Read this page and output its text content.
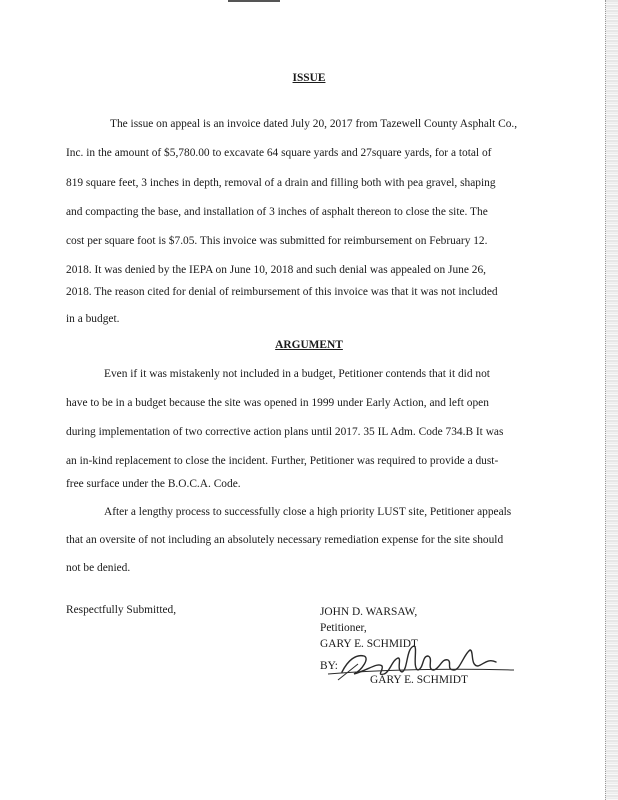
ISSUE
The issue on appeal is an invoice dated July 20, 2017 from Tazewell County Asphalt Co.,
Inc. in the amount of $5,780.00 to excavate 64 square yards and 27square yards, for a total of
819 square feet, 3 inches in depth, removal of a drain and filling both with pea gravel, shaping
and compacting the base, and installation of 3 inches of asphalt thereon to close the site. The
cost per square foot is $7.05. This invoice was submitted for reimbursement on February 12.
2018. It was denied by the IEPA on June 10, 2018 and such denial was appealed on June 26,
2018. The reason cited for denial of reimbursement of this invoice was that it was not included
in a budget.
ARGUMENT
Even if it was mistakenly not included in a budget, Petitioner contends that it did not
have to be in a budget because the site was opened in 1999 under Early Action, and left open
during implementation of two corrective action plans until 2017. 35 IL Adm. Code 734.B It was
an in-kind replacement to close the incident. Further, Petitioner was required to provide a dust-
free surface under the B.O.C.A. Code.
After a lengthy process to successfully close a high priority LUST site, Petitioner appeals
that an oversite of not including an absolutely necessary remediation expense for the site should
not be denied.
Respectfully Submitted,	JOHN D. WARSAW,
Petitioner,
GARY E. SCHMIDT
BY:
GARY E. SCHMIDT
